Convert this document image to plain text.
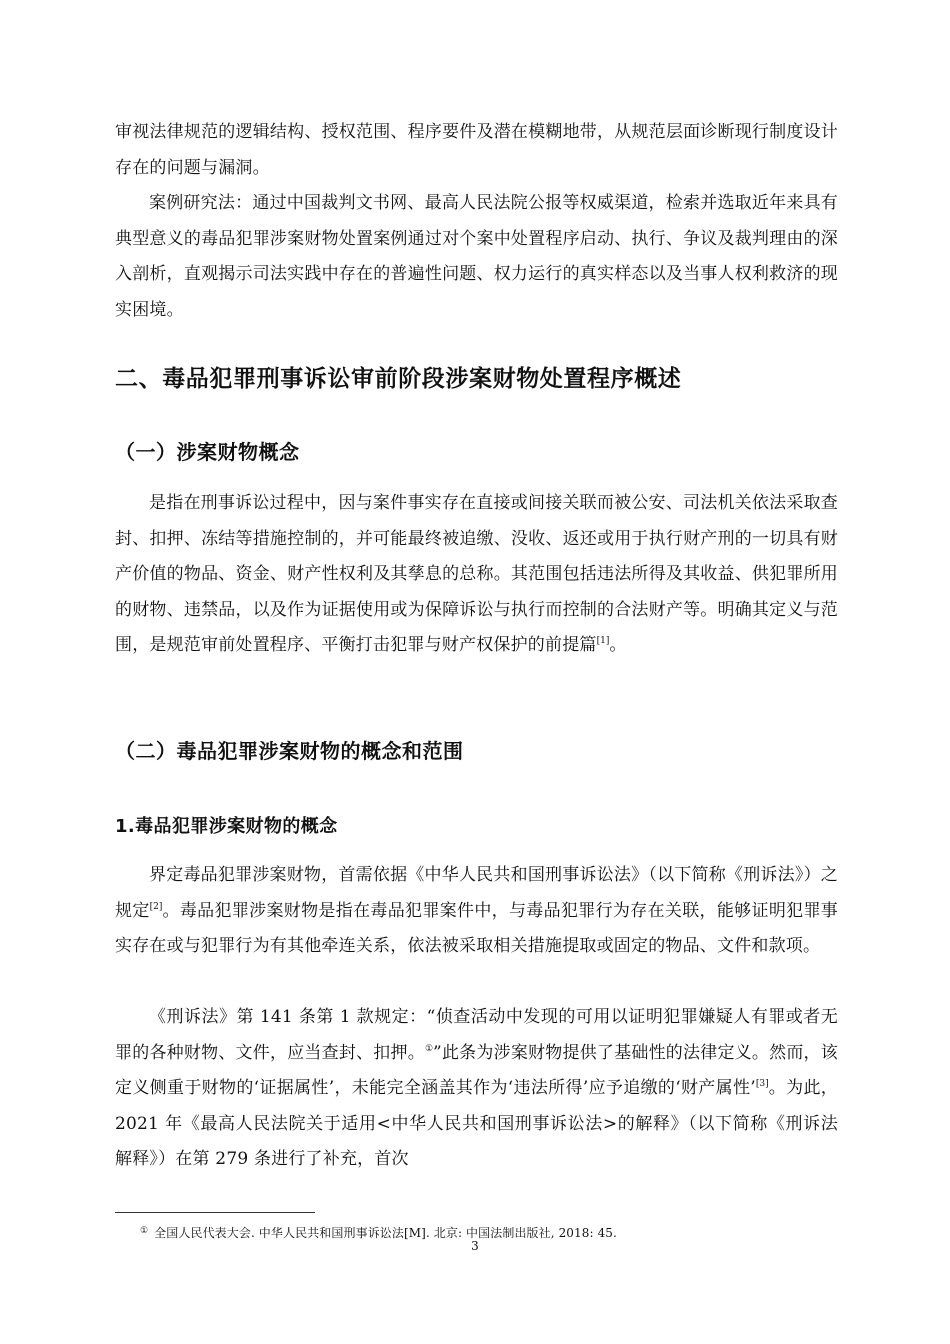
审视法律规范的逻辑结构、授权范围、程序要件及潜在模糊地带，从规范层面诊断现行制度设计存在的问题与漏洞。

案例研究法：通过中国裁判文书网、最高人民法院公报等权威渠道，检索并选取近年来具有典型意义的毒品犯罪涉案财物处置案例通过对个案中处置程序启动、执行、争议及裁判理由的深入剖析，直观揭示司法实践中存在的普遍性问题、权力运行的真实样态以及当事人权利救济的现实困境。

二、毒品犯罪刑事诉讼审前阶段涉案财物处置程序概述
（一）涉案财物概念

是指在刑事诉讼过程中，因与案件事实存在直接或间接关联而被公安、司法机关依法采取查封、扣押、冻结等措施控制的，并可能最终被追缴、没收、返还或用于执行财产刑的一切具有财产价值的物品、资金、财产性权利及其孳息的总称。其范围包括违法所得及其收益、供犯罪所用的财物、违禁品，以及作为证据使用或为保障诉讼与执行而控制的合法财产等。明确其定义与范围，是规范审前处置程序、平衡打击犯罪与财产权保护的前提篇[1]。

（二）毒品犯罪涉案财物的概念和范围
1.毒品犯罪涉案财物的概念

界定毒品犯罪涉案财物，首需依据《中华人民共和国刑事诉讼法》（以下简称《刑诉法》）之规定[2]。毒品犯罪涉案财物是指在毒品犯罪案件中，与毒品犯罪行为存在关联，能够证明犯罪事实存在或与犯罪行为有其他牵连关系，依法被采取相关措施提取或固定的物品、文件和款项。

《刑诉法》第 141 条第 1 款规定：“侦查活动中发现的可用以证明犯罪嫌疑人有罪或者无罪的各种财物、文件，应当查封、扣押。①”此条为涉案财物提供了基础性的法律定义。然而，该定义侧重于财物的‘证据属性’，未能完全涵盖其作为‘违法所得’应予追缴的‘财产属性’[3]。为此，2021 年《最高人民法院关于适用<中华人民共和国刑事诉讼法>的解释》（以下简称《刑诉法解释》）在第 279 条进行了补充，首次

① 全国人民代表大会. 中华人民共和国刑事诉讼法[M]. 北京: 中国法制出版社, 2018: 45.
3
